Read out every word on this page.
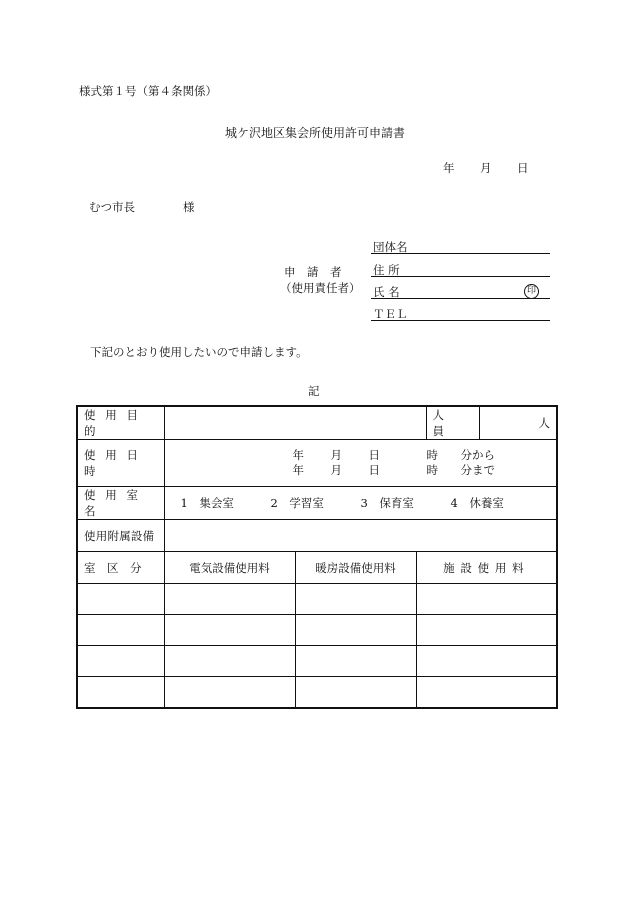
様式第１号（第４条関係）
城ケ沢地区集会所使用許可申請書
年 月 日
むつ市長	様
申　請　者
（使用責任者）
団体名
住 所
氏 名	印
ＴＥＬ
下記のとおり使用したいので申請します。
記
使用目的				人員	人
使用日時	年 月 日 時 分から
年 月 日 時 分まで				

使用室名	1　集会室 2　学習室 3　保育室 4　休養室				
使用附属設備					
室　区　分	電気設備使用料	暖房設備使用料	施設使用料		
